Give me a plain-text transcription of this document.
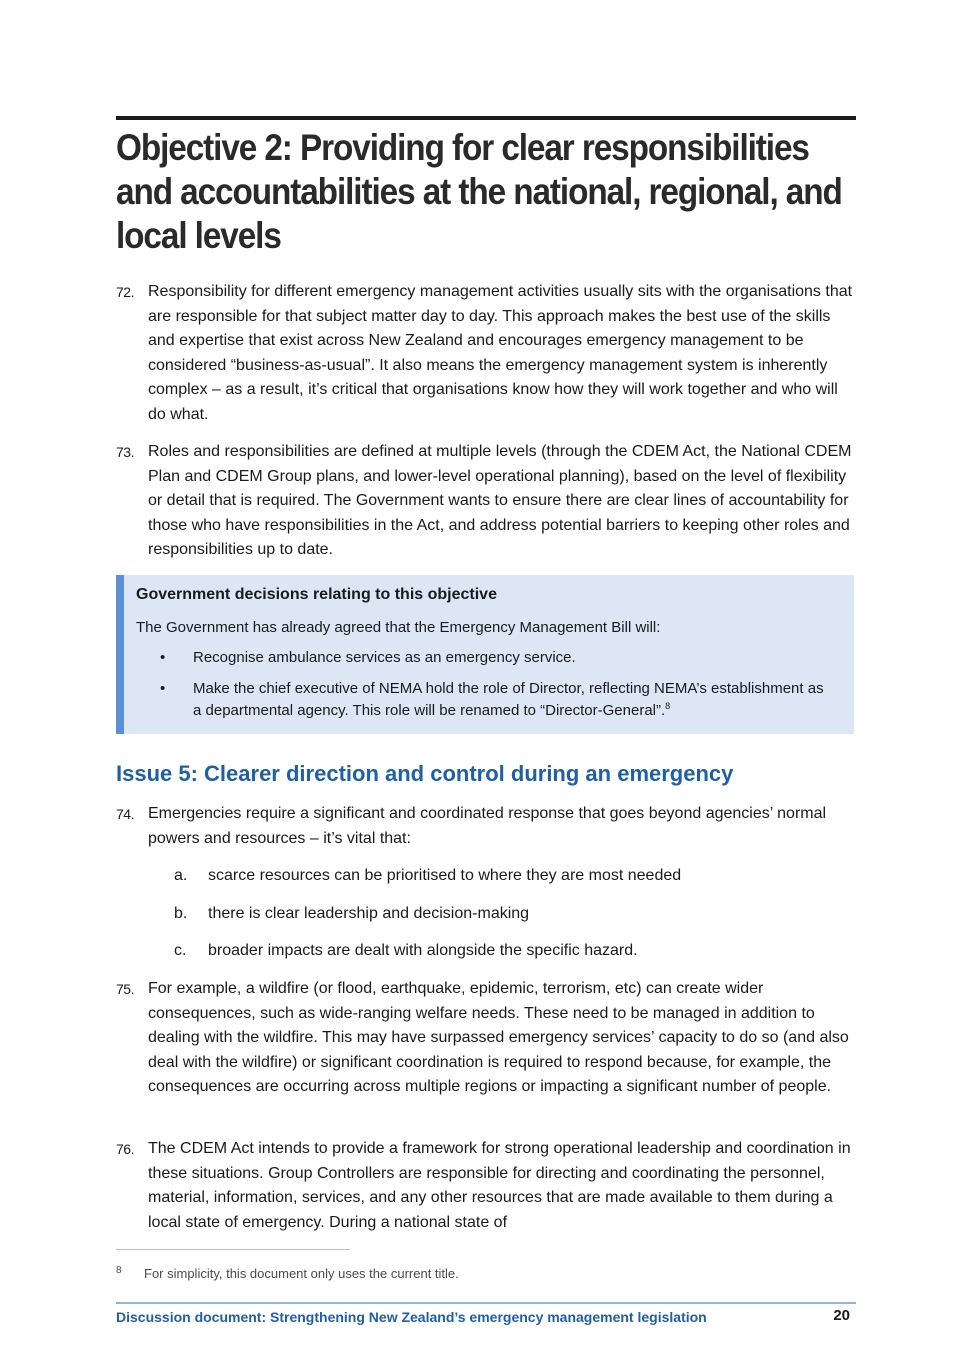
Objective 2: Providing for clear responsibilities and accountabilities at the national, regional, and local levels
72. Responsibility for different emergency management activities usually sits with the organisations that are responsible for that subject matter day to day. This approach makes the best use of the skills and expertise that exist across New Zealand and encourages emergency management to be considered “business-as-usual”. It also means the emergency management system is inherently complex – as a result, it’s critical that organisations know how they will work together and who will do what.
73. Roles and responsibilities are defined at multiple levels (through the CDEM Act, the National CDEM Plan and CDEM Group plans, and lower-level operational planning), based on the level of flexibility or detail that is required. The Government wants to ensure there are clear lines of accountability for those who have responsibilities in the Act, and address potential barriers to keeping other roles and responsibilities up to date.
Government decisions relating to this objective
The Government has already agreed that the Emergency Management Bill will:
• Recognise ambulance services as an emergency service.
• Make the chief executive of NEMA hold the role of Director, reflecting NEMA’s establishment as a departmental agency. This role will be renamed to “Director-General”.$^8$
Issue 5: Clearer direction and control during an emergency
74. Emergencies require a significant and coordinated response that goes beyond agencies’ normal powers and resources – it’s vital that:
a. scarce resources can be prioritised to where they are most needed
b. there is clear leadership and decision-making
c. broader impacts are dealt with alongside the specific hazard.
75. For example, a wildfire (or flood, earthquake, epidemic, terrorism, etc) can create wider consequences, such as wide-ranging welfare needs. These need to be managed in addition to dealing with the wildfire. This may have surpassed emergency services’ capacity to do so (and also deal with the wildfire) or significant coordination is required to respond because, for example, the consequences are occurring across multiple regions or impacting a significant number of people.
76. The CDEM Act intends to provide a framework for strong operational leadership and coordination in these situations. Group Controllers are responsible for directing and coordinating the personnel, material, information, services, and any other resources that are made available to them during a local state of emergency. During a national state of
8 For simplicity, this document only uses the current title.
Discussion document: Strengthening New Zealand’s emergency management legislation	20
